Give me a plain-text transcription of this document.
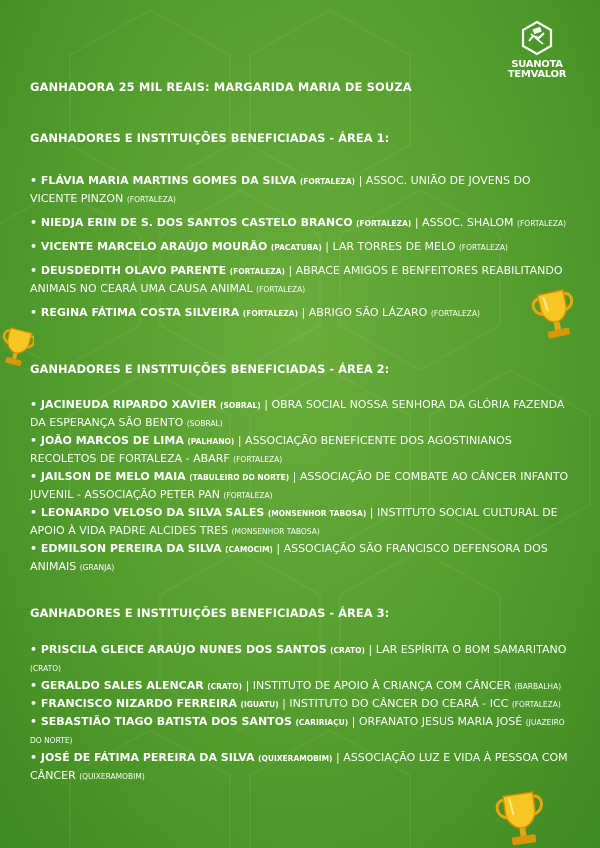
SUANOTA
TEMVALOR
GANHADORA 25 MIL REAIS: MARGARIDA MARIA DE SOUZA
GANHADORES E INSTITUIÇÕES BENEFICIADAS - ÁREA 1:

• FLÁVIA MARIA MARTINS GOMES DA SILVA (FORTALEZA) | ASSOC. UNIÃO DE JOVENS DO VICENTE PINZON (FORTALEZA)

• NIEDJA ERIN DE S. DOS SANTOS CASTELO BRANCO (FORTALEZA) | ASSOC. SHALOM (FORTALEZA)

• VICENTE MARCELO ARAÚJO MOURÃO (PACATUBA) | LAR TORRES DE MELO (FORTALEZA)

• DEUSDEDITH OLAVO PARENTE (FORTALEZA) | ABRACE AMIGOS E BENFEITORES REABILITANDO ANIMAIS NO CEARÁ UMA CAUSA ANIMAL (FORTALEZA)

• REGINA FÁTIMA COSTA SILVEIRA (FORTALEZA) | ABRIGO SÃO LÁZARO (FORTALEZA)

GANHADORES E INSTITUIÇÕES BENEFICIADAS - ÁREA 2:

• JACINEUDA RIPARDO XAVIER (SOBRAL) | OBRA SOCIAL NOSSA SENHORA DA GLÓRIA FAZENDA DA ESPERANÇA SÃO BENTO (SOBRAL)

• JOÃO MARCOS DE LIMA (PALHANO) | ASSOCIAÇÃO BENEFICENTE DOS AGOSTINIANOS RECOLETOS DE FORTALEZA - ABARF (FORTALEZA)

• JAILSON DE MELO MAIA (TABULEIRO DO NORTE) | ASSOCIAÇÃO DE COMBATE AO CÂNCER INFANTO JUVENIL - ASSOCIAÇÃO PETER PAN (FORTALEZA)

• LEONARDO VELOSO DA SILVA SALES (MONSENHOR TABOSA) | INSTITUTO SOCIAL CULTURAL DE APOIO À VIDA PADRE ALCIDES TRES (MONSENHOR TABOSA)

• EDMILSON PEREIRA DA SILVA (CAMOCIM) | ASSOCIAÇÃO SÃO FRANCISCO DEFENSORA DOS ANIMAIS (GRANJA)

GANHADORES E INSTITUIÇÕES BENEFICIADAS - ÁREA 3:

• PRISCILA GLEICE ARAÚJO NUNES DOS SANTOS (CRATO) | LAR ESPÍRITA O BOM SAMARITANO (CRATO)

• GERALDO SALES ALENCAR (CRATO) | INSTITUTO DE APOIO À CRIANÇA COM CÂNCER (BARBALHA)

• FRANCISCO NIZARDO FERREIRA (IGUATU) | INSTITUTO DO CÂNCER DO CEARÁ - ICC (FORTALEZA)

• SEBASTIÃO TIAGO BATISTA DOS SANTOS (CARIRIAÇU) | ORFANATO JESUS MARIA JOSÉ (JUAZEIRO DO NORTE)

• JOSÉ DE FÁTIMA PEREIRA DA SILVA (QUIXERAMOBIM) | ASSOCIAÇÃO LUZ E VIDA À PESSOA COM CÂNCER (QUIXERAMOBIM)
